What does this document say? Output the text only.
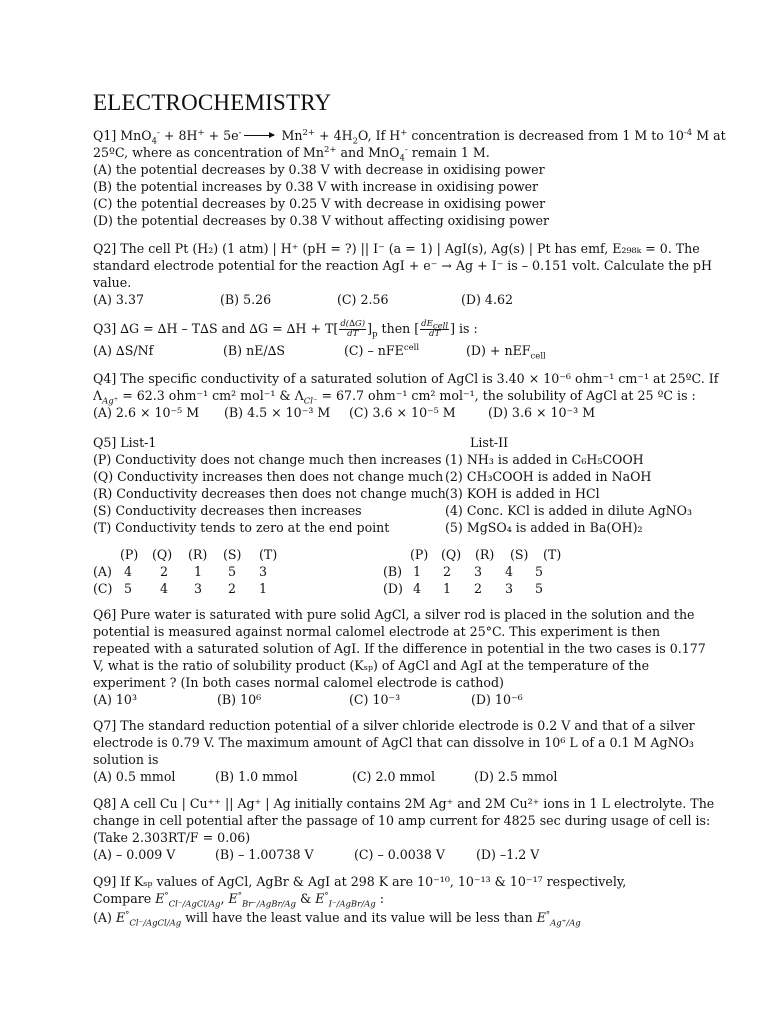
ELECTROCHEMISTRY
Q1] MnO$_4$- + 8H+ + 5e-	$Mn^{2+} + 4H_2O$, If H+ concentration is decreased from 1 M to $10^{-4}$ M at
25ºC, where as concentration of $Mn^{2+}$ and MnO$_4$- remain 1 M.
(A) the potential decreases by 0.38 V with decrease in oxidising power
(B) the potential increases by 0.38 V with increase in oxidising power
(C) the potential decreases by 0.25 V with decrease in oxidising power
(D) the potential decreases by 0.38 V without affecting oxidising power
Q2] The cell Pt (H₂) (1 atm) | H⁺ (pH = ?) || I⁻ (a = 1) | AgI(s), Ag(s) | Pt has emf, E₂₉₈ₖ = 0. The
standard electrode potential for the reaction AgI + e⁻ → Ag + I⁻ is – 0.151 volt. Calculate the pH
value.
(A) 3.37	(B) 5.26	(C) 2.56	(D) 4.62
Q3] ∆G = ∆H – T∆S and $\Delta G = \Delta H + T[ \frac{d(\Delta G)}{dT} ]_p$ then [ $\frac{dE_{cell}}{dT}$ ] is :
(A) ∆S/Nf	(B) nE/∆S	(C) – nFE$^{cell}$	(D) + nEF$_{cell}$
Q4] The specific conductivity of a saturated solution of AgCl is 3.40 × 10⁻⁶ ohm⁻¹ cm⁻¹ at 25ºC. If
$\Lambda_{Ag^+} = 62.3$ ohm⁻¹ cm² mol⁻¹ & $\Lambda_{Cl^-} = 67.7$ ohm⁻¹ cm² mol⁻¹, the solubility of AgCl at 25 ºC is :
(A) 2.6 × 10⁻⁵ M (B) 4.5 × 10⁻³ M (C) 3.6 × 10⁻⁵ M	(D) 3.6 × 10⁻³ M
Q5] List-1	List-II
(P) Conductivity does not change much then increases (1) NH₃ is added in C₆H₅COOH
(Q) Conductivity increases then does not change much (2) CH₃COOH is added in NaOH
(R) Conductivity decreases then does not change much (3) KOH is added in HCl
(S) Conductivity decreases then increases	(4) Conc. KCl is added in dilute AgNO₃
(T) Conductivity tends to zero at the end point	(5) MgSO₄ is added in Ba(OH)₂
(P) (Q) (R) (S) (T)	(P) (Q) (R) (S) (T)
(A) 4 2 1 5 3	(B) 1 2 3 4 5
(C) 5 4 3 2 1	(D) 4 1 2 3 5
Q6] Pure water is saturated with pure solid AgCl, a silver rod is placed in the solution and the
potential is measured against normal calomel electrode at 25°C. This experiment is then
repeated with a saturated solution of AgI. If the difference in potential in the two cases is 0.177
V, what is the ratio of solubility product (Kₛₚ) of AgCl and AgI at the temperature of the
experiment ? (In both cases normal calomel electrode is cathod)
(A) 10³	(B) 10⁶	(C) 10⁻³	(D) 10⁻⁶
Q7] The standard reduction potential of a silver chloride electrode is 0.2 V and that of a silver
electrode is 0.79 V. The maximum amount of AgCl that can dissolve in 10⁶ L of a 0.1 M AgNO₃
solution is
(A) 0.5 mmol	(B) 1.0 mmol	(C) 2.0 mmol	(D) 2.5 mmol
Q8] A cell Cu | Cu⁺⁺ || Ag⁺ | Ag initially contains 2M Ag⁺ and 2M Cu²⁺ ions in 1 L electrolyte. The
change in cell potential after the passage of 10 amp current for 4825 sec during usage of cell is:
(Take 2.303RT/F = 0.06)
(A) – 0.009 V	(B) – 1.00738 V	(C) – 0.0038 V (D) –1.2 V
Q9] If Kₛₚ values of AgCl, AgBr & AgI at 298 K are 10⁻¹⁰, 10⁻¹³ & 10⁻¹⁷ respectively,
Compare $E^\circ_{Cl^-/AgCl/Ag}$, $E^\circ_{Br^-/AgBr/Ag}$ & $E^\circ_{I^-/AgBr/Ag}$ :
(A) $E^\circ_{Cl^-/AgCl/Ag}$ will have the least value and its value will be less than $E^\circ_{Ag^+/Ag}$
